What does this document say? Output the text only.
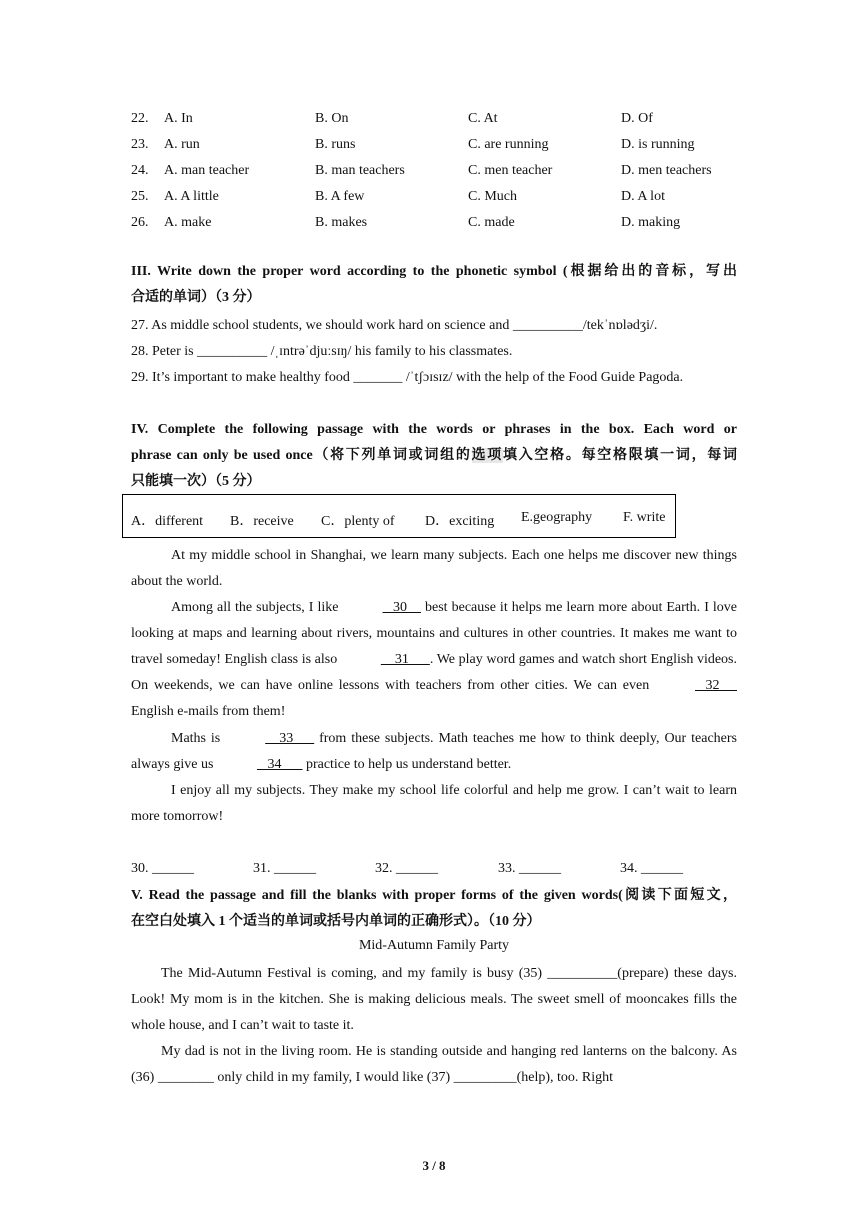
22. A. In	B. On	C. At	D. Of
23. A. run	B. runs	C. are running	D. is running
24. A. man teacher	B. man teachers	C. men teacher	D. men teachers
25. A. A little	B. A few	C. Much	D. A lot
26. A. make	B. makes	C. made	D. making
III. Write down the proper word according to the phonetic symbol (根据给出的音标，写出
合适的单词）（3 分）
27. As middle school students, we should work hard on science and __________/tekˈnɒlədʒi/.
28. Peter is __________ /ˌɪntrəˈdjuːsɪŋ/ his family to his classmates.
29. It’s important to make healthy food _______ /ˈtʃɔɪsɪz/ with the help of the Food Guide Pagoda.
IV. Complete the following passage with the words or phrases in the box. Each word or
phrase can only be used once（将下列单词或词组的选项填入空格。每空格限填一词，每词
只能填一次）（5 分）
A．different B．receive C．plenty of D．exciting E.geography F. write
At my middle school in Shanghai, we learn many subjects. Each one helps me discover new things about the world.
Among all the subjects, I like	30     best because it helps me learn more about Earth. I love looking at maps and learning about rivers, mountains and cultures in other countries. It makes me want to travel someday! English class is also	31      . We play word games and watch short English videos. On weekends, we can have online lessons with teachers from other cities. We can even	32      English e-mails from them!
Maths is	33       from these subjects. Math teaches me how to think deeply, Our teachers always give us	34       practice to help us understand better.
I enjoy all my subjects. They make my school life colorful and help me grow. I can’t wait to learn more tomorrow!
30. ______	31. ______	32. ______	33. ______	34. ______
V. Read the passage and fill the blanks with proper forms of the given words(阅读下面短文，
在空白处填入 1 个适当的单词或括号内单词的正确形式）。（10 分）
Mid-Autumn Family Party
The Mid-Autumn Festival is coming, and my family is busy (35) __________(prepare) these days. Look! My mom is in the kitchen. She is making delicious meals. The sweet smell of mooncakes fills the whole house, and I can’t wait to taste it.
My dad is not in the living room. He is standing outside and hanging red lanterns on the balcony. As (36) ________ only child in my family, I would like (37) _________(help), too. Right
3 / 8
